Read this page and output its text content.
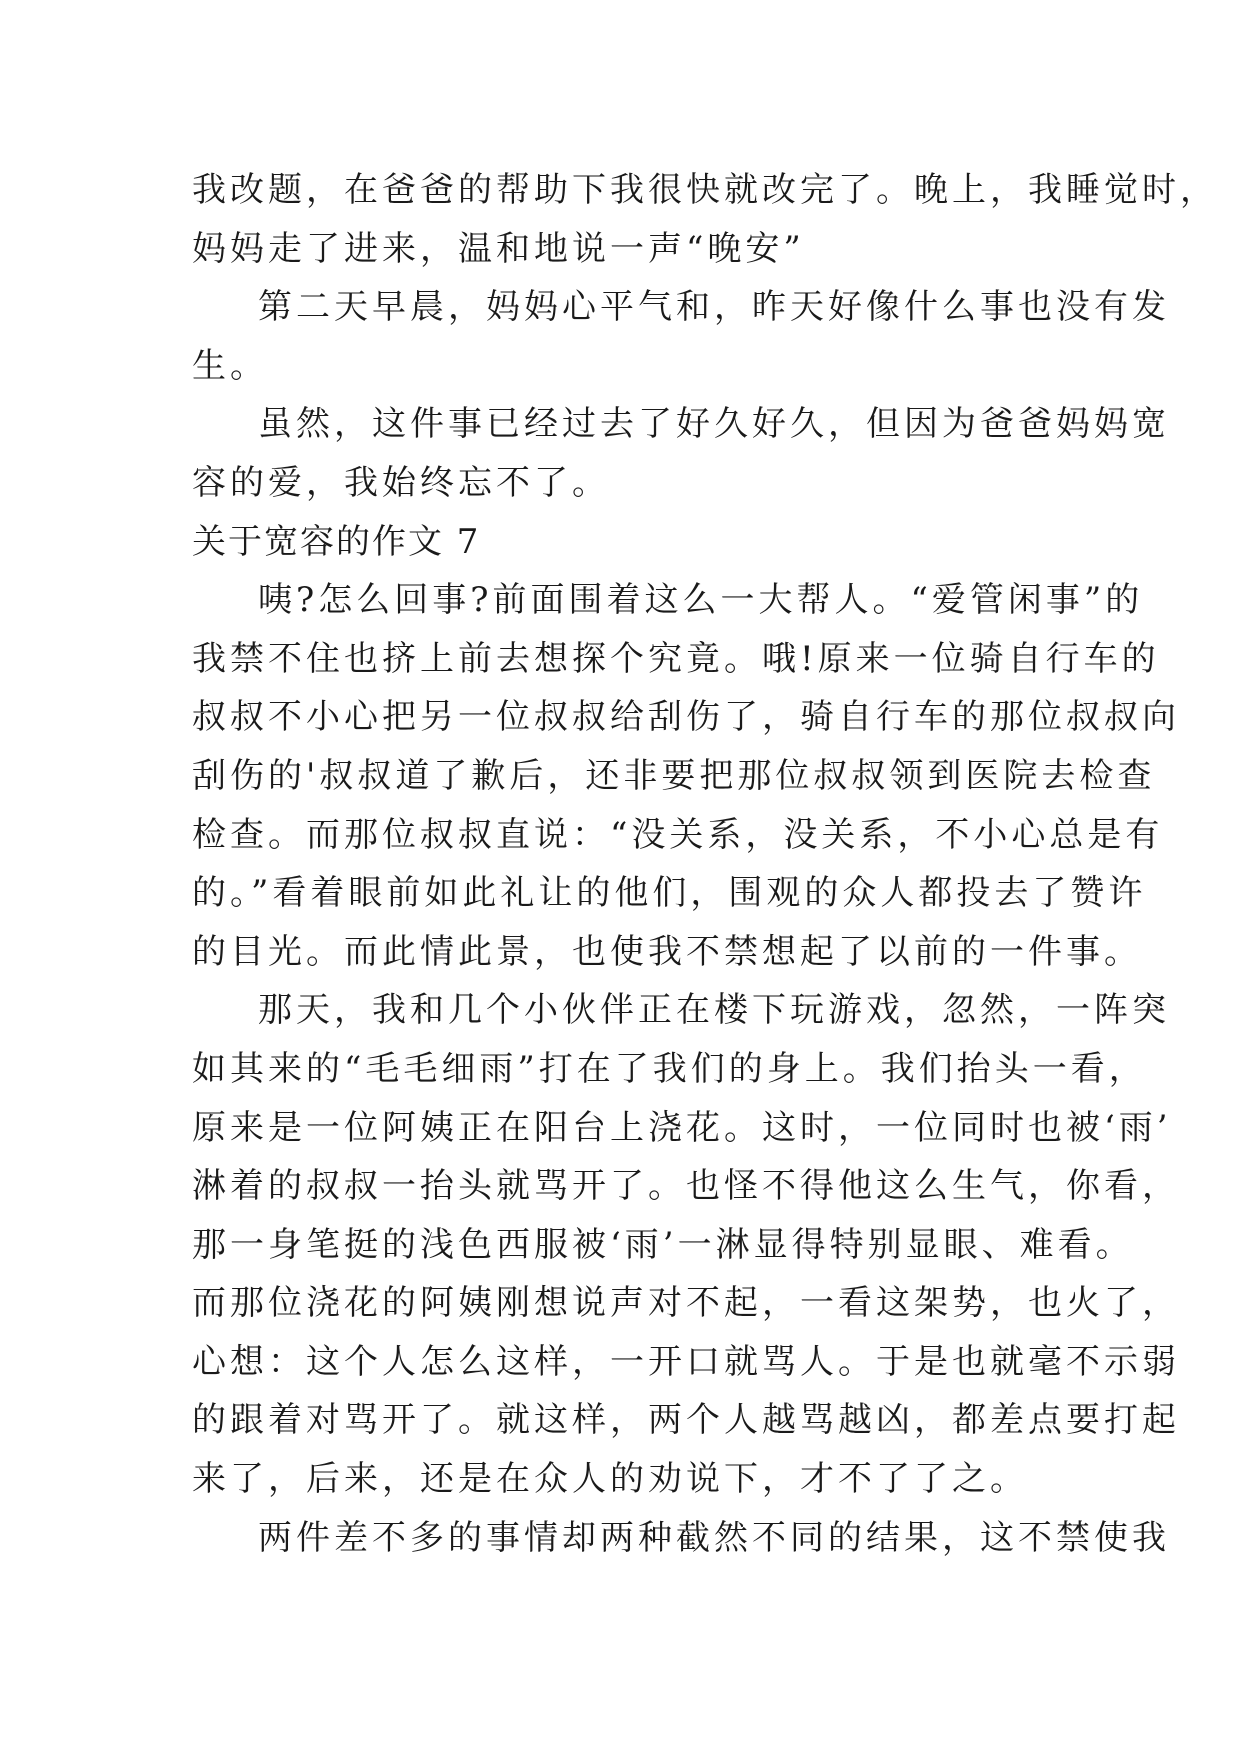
我改题，在爸爸的帮助下我很快就改完了。晚上，我睡觉时，
妈妈走了进来，温和地说一声“晚安”
第二天早晨，妈妈心平气和，昨天好像什么事也没有发
生。
虽然，这件事已经过去了好久好久，但因为爸爸妈妈宽
容的爱，我始终忘不了。
关于宽容的作文 7
咦?怎么回事?前面围着这么一大帮人。“爱管闲事”的
我禁不住也挤上前去想探个究竟。哦!原来一位骑自行车的
叔叔不小心把另一位叔叔给刮伤了，骑自行车的那位叔叔向
刮伤的'叔叔道了歉后，还非要把那位叔叔领到医院去检查
检查。而那位叔叔直说：“没关系，没关系，不小心总是有
的。”看着眼前如此礼让的他们，围观的众人都投去了赞许
的目光。而此情此景，也使我不禁想起了以前的一件事。
那天，我和几个小伙伴正在楼下玩游戏，忽然，一阵突
如其来的“毛毛细雨”打在了我们的身上。我们抬头一看，
原来是一位阿姨正在阳台上浇花。这时，一位同时也被‘雨’
淋着的叔叔一抬头就骂开了。也怪不得他这么生气，你看，
那一身笔挺的浅色西服被‘雨’一淋显得特别显眼、难看。
而那位浇花的阿姨刚想说声对不起，一看这架势，也火了，
心想：这个人怎么这样，一开口就骂人。于是也就毫不示弱
的跟着对骂开了。就这样，两个人越骂越凶，都差点要打起
来了，后来，还是在众人的劝说下，才不了了之。
两件差不多的事情却两种截然不同的结果，这不禁使我
